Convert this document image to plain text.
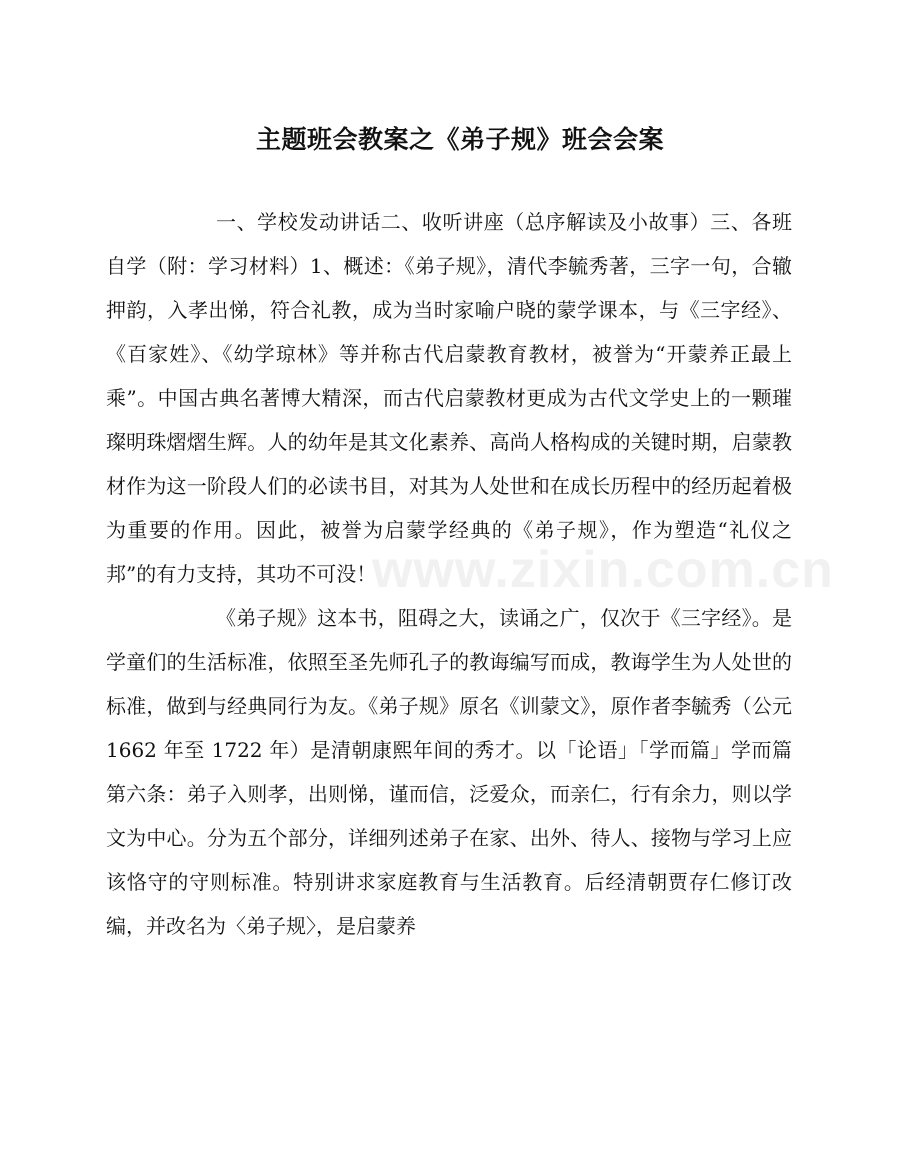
主题班会教案之《弟子规》班会会案

一、学校发动讲话二、收听讲座（总序解读及小故事）三、各班自学（附：学习材料）1、概述：《弟子规》，清代李毓秀著，三字一句，合辙押韵，入孝出悌，符合礼教，成为当时家喻户晓的蒙学课本，与《三字经》、《百家姓》、《幼学琼林》等并称古代启蒙教育教材，被誉为“开蒙养正最上乘”。中国古典名著博大精深，而古代启蒙教材更成为古代文学史上的一颗璀璨明珠熠熠生辉。人的幼年是其文化素养、高尚人格构成的关键时期，启蒙教材作为这一阶段人们的必读书目，对其为人处世和在成长历程中的经历起着极为重要的作用。因此，被誉为启蒙学经典的《弟子规》，作为塑造“礼仪之邦”的有力支持，其功不可没！

《弟子规》这本书，阻碍之大，读诵之广，仅次于《三字经》。是学童们的生活标准，依照至圣先师孔子的教诲编写而成，教诲学生为人处世的标准，做到与经典同行为友。《弟子规》原名《训蒙文》，原作者李毓秀（公元 1662 年至 1722 年）是清朝康熙年间的秀才。以「论语」「学而篇」学而篇第六条：弟子入则孝，出则悌，谨而信，泛爱众，而亲仁，行有余力，则以学文为中心。分为五个部分，详细列述弟子在家、出外、待人、接物与学习上应该恪守的守则标准。特别讲求家庭教育与生活教育。后经清朝贾存仁修订改编，并改名为〈弟子规〉，是启蒙养

www.zixin.com.cn
